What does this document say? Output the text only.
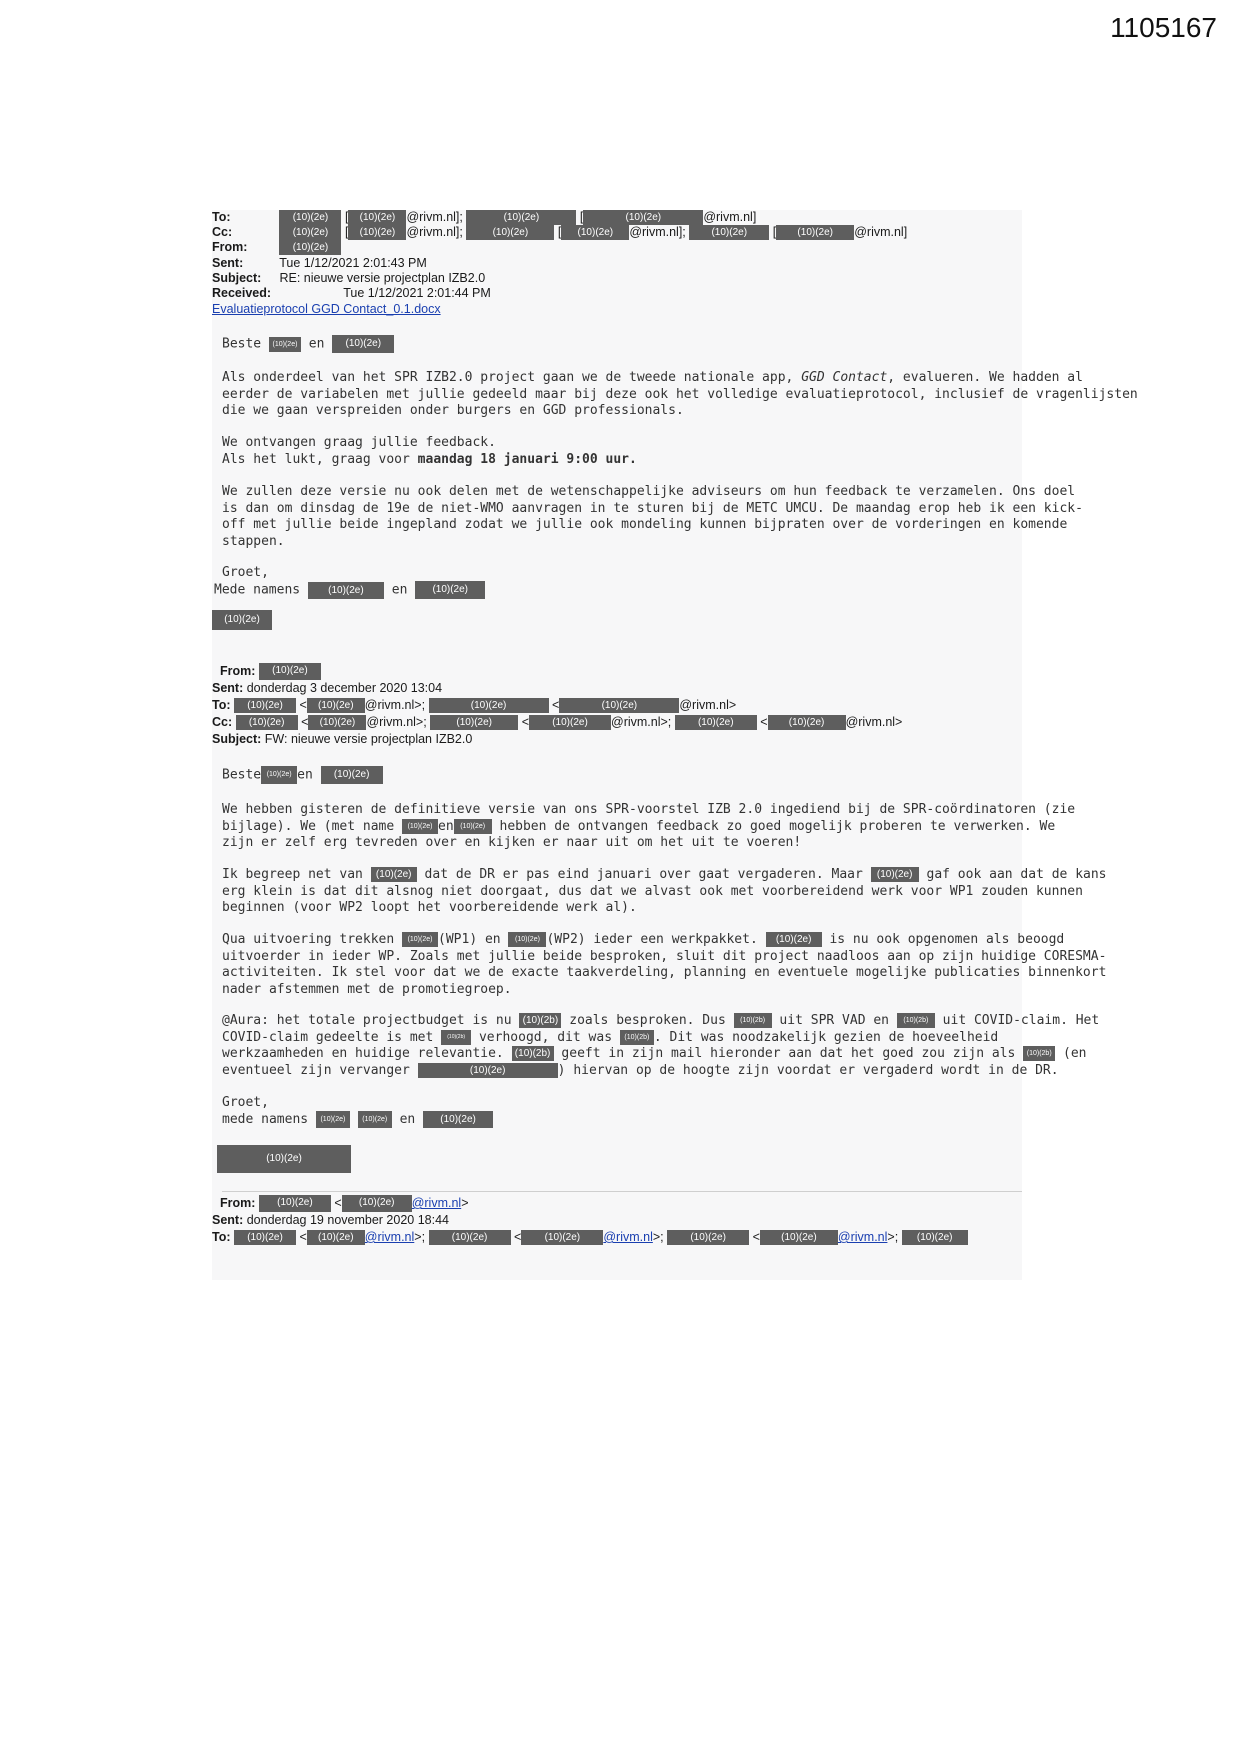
1105167
To:	(10)(2e) [ (10)(2e) @rivm.nl];	(10)(2e)	[	(10)(2e)	@rivm.nl]
Cc:	(10)(2e) [ (10)(2e) @rivm.nl];	(10)(2e) [ (10)(2e) @rivm.nl];	(10)(2e) [ (10)(2e) @rivm.nl]
From:	(10)(2e)
Sent:	Tue 1/12/2021 2:01:43 PM
Subject: RE: nieuwe versie projectplan IZB2.0
Received:	Tue 1/12/2021 2:01:44 PM
Evaluatieprotocol GGD Contact_0.1.docx
Beste (10)(2e) en (10)(2e)
Als onderdeel van het SPR IZB2.0 project gaan we de tweede nationale app, GGD Contact, evalueren. We hadden al
eerder de variabelen met jullie gedeeld maar bij deze ook het volledige evaluatieprotocol, inclusief de vragenlijsten
die we gaan verspreiden onder burgers en GGD professionals.
We ontvangen graag jullie feedback.
Als het lukt, graag voor maandag 18 januari 9:00 uur.
We zullen deze versie nu ook delen met de wetenschappelijke adviseurs om hun feedback te verzamelen. Ons doel
is dan om dinsdag de 19e de niet-WMO aanvragen in te sturen bij de METC UMCU. De maandag erop heb ik een kick-
off met jullie beide ingepland zodat we jullie ook mondeling kunnen bijpraten over de vorderingen en komende
stappen.
Groet,
Mede namens	(10)(2e) en	(10)(2e)
(10)(2e)
From: (10)(2e)
Sent: donderdag 3 december 2020 13:04
To: (10)(2e) < (10)(2e) @rivm.nl>;	(10)(2e)	<	(10)(2e)	@rivm.nl>
Cc: (10)(2e) < (10)(2e) @rivm.nl>;	(10)(2e) < (10)(2e) @rivm.nl>;	(10)(2e) < (10)(2e) @rivm.nl>
Subject: FW: nieuwe versie projectplan IZB2.0
Beste (10)(2e) en (10)(2e)
We hebben gisteren de definitieve versie van ons SPR-voorstel IZB 2.0 ingediend bij de SPR-coördinatoren (zie
bijlage). We (met name (10)(2e) en (10)(2e) hebben de ontvangen feedback zo goed mogelijk proberen te verwerken. We
zijn er zelf erg tevreden over en kijken er naar uit om het uit te voeren!
Ik begreep net van (10)(2e) dat de DR er pas eind januari over gaat vergaderen. Maar (10)(2e) gaf ook aan dat de kans
erg klein is dat dit alsnog niet doorgaat, dus dat we alvast ook met voorbereidend werk voor WP1 zouden kunnen
beginnen (voor WP2 loopt het voorbereidende werk al).
Qua uitvoering trekken (10)(2e) (WP1) en (10)(2e) (WP2) ieder een werkpakket. (10)(2e) is nu ook opgenomen als beoogd
uitvoerder in ieder WP. Zoals met jullie beide besproken, sluit dit project naadloos aan op zijn huidige CORESMA-
activiteiten. Ik stel voor dat we de exacte taakverdeling, planning en eventuele mogelijke publicaties binnenkort
nader afstemmen met de promotiegroep.
@Aura: het totale projectbudget is nu (10)(2b) zoals besproken. Dus (10)(2b) uit SPR VAD en (10)(2b) uit COVID-claim. Het
COVID-claim gedeelte is met (10)(2b) verhoogd, dit was (10)(2b) . Dit was noodzakelijk gezien de hoeveelheid
werkzaamheden en huidige relevantie. (10)(2b) geeft in zijn mail hieronder aan dat het goed zou zijn als (10)(2b) (en
eventueel zijn vervanger	(10)(2e)	) hiervan op de hoogte zijn voordat er vergaderd wordt in de DR.
Groet,
mede namens (10)(2e) (10)(2e) en	(10)(2e)
(10)(2e)
From: (10)(2e) < (10)(2e) @rivm.nl>
Sent: donderdag 19 november 2020 18:44
To: (10)(2e) < (10)(2e) @rivm.nl>;	(10)(2e) < (10)(2e) @rivm.nl>;	(10)(2e) < (10)(2e) @rivm.nl>; (10)(2e)
